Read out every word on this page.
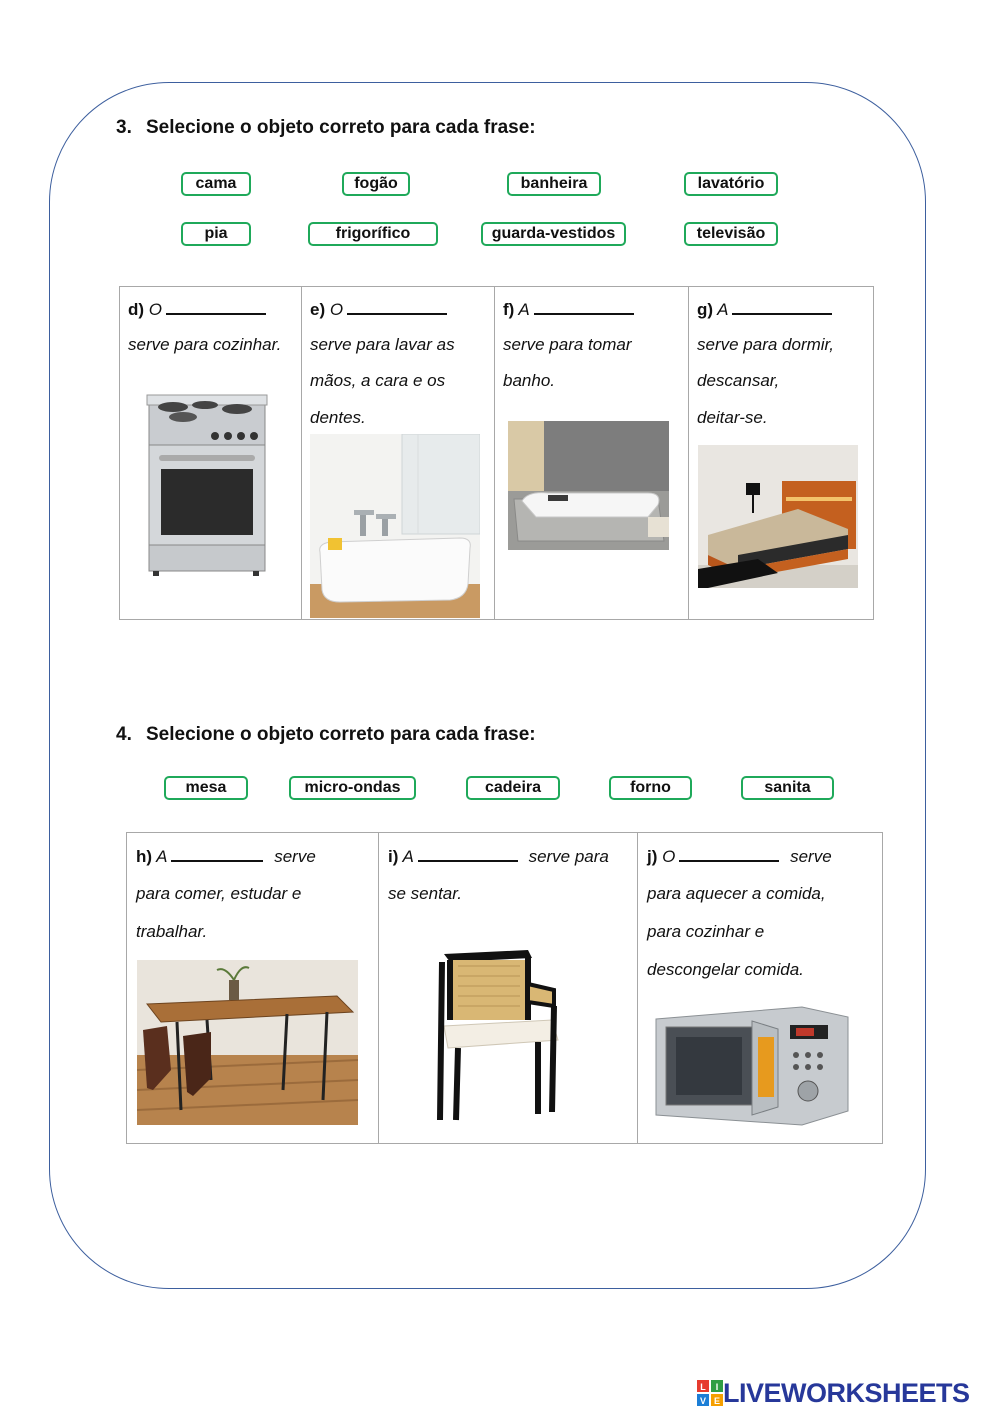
3. Selecione o objeto correto para cada frase:
cama	fogão	banheira	lavatório
pia	frigorífico	guarda-vestidos	televisão
d) O
serve para cozinhar.

e) O
serve para lavar as
mãos, a cara e os
dentes.

f) A
serve para tomar
banho.

g) A
serve para dormir,
descansar,
deitar-se.
4. Selecione o objeto correto para cada frase:
mesa	micro-ondas	cadeira	forno	sanita
h) A	serve
para comer, estudar e
trabalhar.

i) A	serve para
se sentar.

j) O	serve
para aquecer a comida,
para cozinhar e
descongelar comida.
L I
V E LIVEWORKSHEETS
